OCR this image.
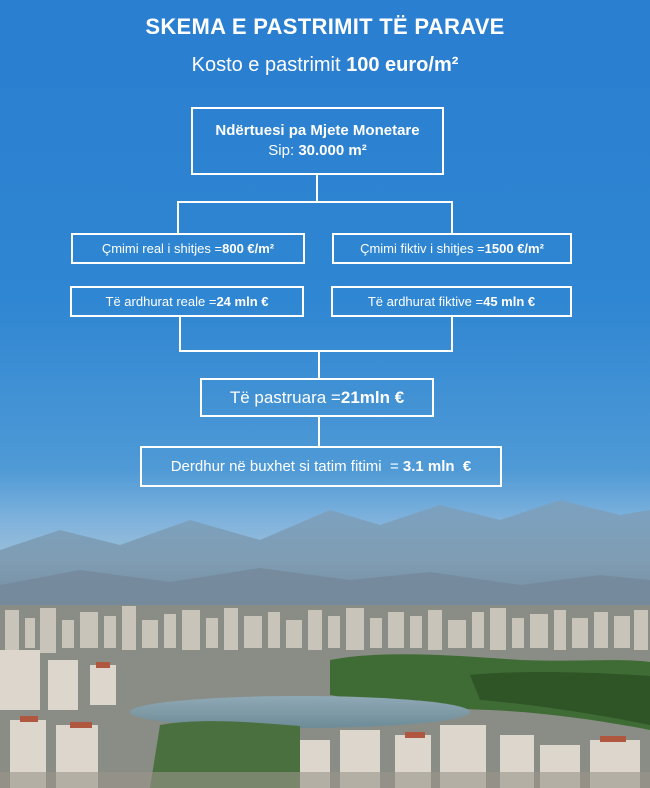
SKEMA E PASTRIMIT TË PARAVE
Kosto e pastrimit 100 euro/m²
Ndërtuesi pa Mjete Monetare
Sip: 30.000 m²
Çmimi real i shitjes = 800 €/m²	Çmimi fiktiv i shitjes = 1500 €/m²
Të ardhurat reale = 24 mln €	Të ardhurat fiktive = 45 mln €
Të pastruara = 21mln €
Derdhur në buxhet si tatim fitimi  = 3.1 mln  €
